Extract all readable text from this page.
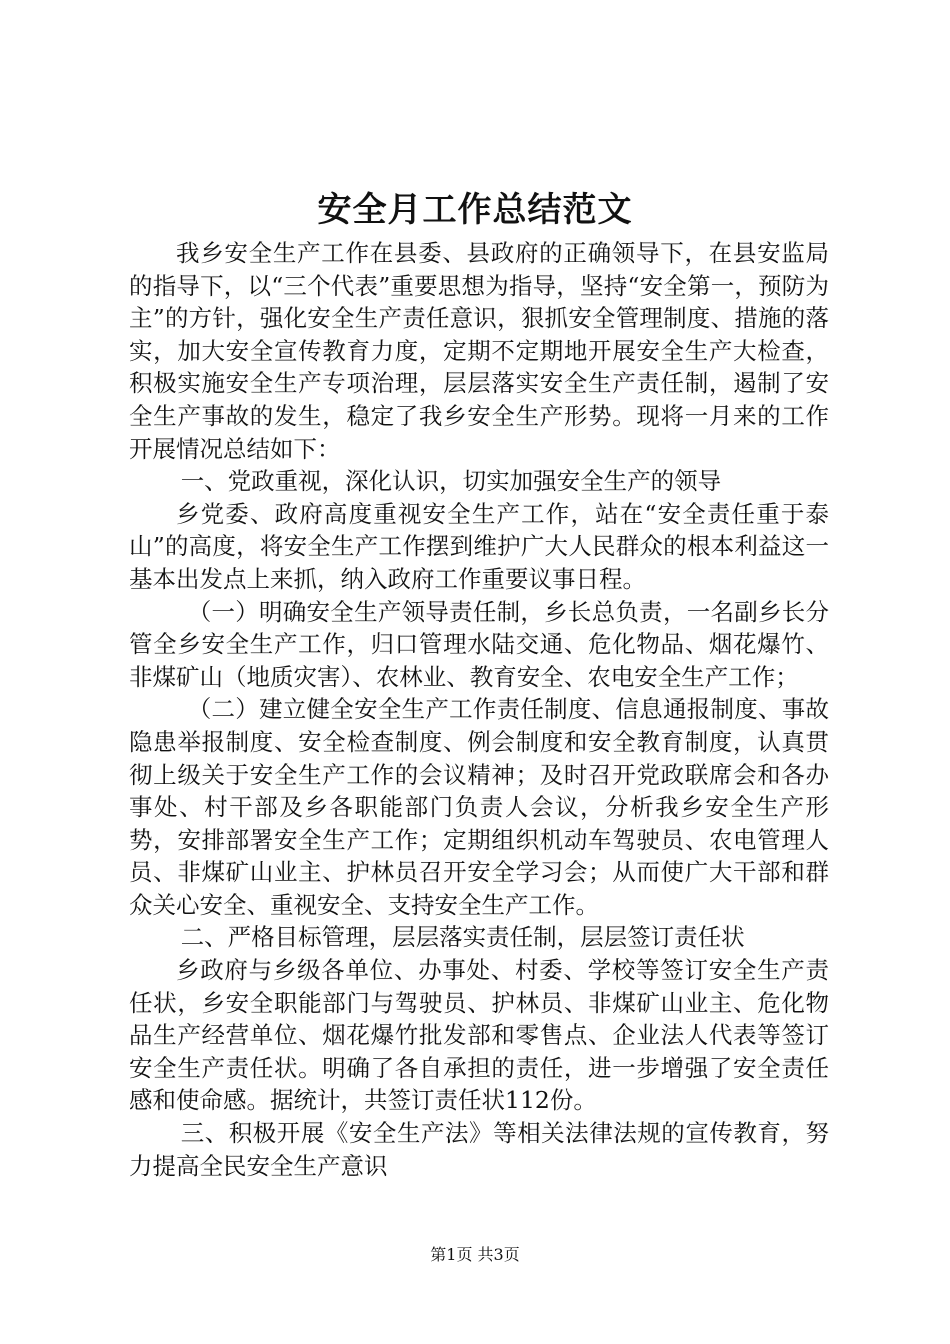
安全月工作总结范文

我乡安全生产工作在县委、县政府的正确领导下，在县安监局的指导下，以“三个代表”重要思想为指导，坚持“安全第一，预防为主”的方针，强化安全生产责任意识，狠抓安全管理制度、措施的落实，加大安全宣传教育力度，定期不定期地开展安全生产大检查，积极实施安全生产专项治理，层层落实安全生产责任制，遏制了安全生产事故的发生，稳定了我乡安全生产形势。现将一月来的工作开展情况总结如下：

一、党政重视，深化认识，切实加强安全生产的领导

乡党委、政府高度重视安全生产工作，站在“安全责任重于泰山”的高度，将安全生产工作摆到维护广大人民群众的根本利益这一基本出发点上来抓，纳入政府工作重要议事日程。

（一）明确安全生产领导责任制，乡长总负责，一名副乡长分管全乡安全生产工作，归口管理水陆交通、危化物品、烟花爆竹、非煤矿山（地质灾害）、农林业、教育安全、农电安全生产工作；

（二）建立健全安全生产工作责任制度、信息通报制度、事故隐患举报制度、安全检查制度、例会制度和安全教育制度，认真贯彻上级关于安全生产工作的会议精神；及时召开党政联席会和各办事处、村干部及乡各职能部门负责人会议，分析我乡安全生产形势，安排部署安全生产工作；定期组织机动车驾驶员、农电管理人员、非煤矿山业主、护林员召开安全学习会；从而使广大干部和群众关心安全、重视安全、支持安全生产工作。

二、严格目标管理，层层落实责任制，层层签订责任状

乡政府与乡级各单位、办事处、村委、学校等签订安全生产责任状，乡安全职能部门与驾驶员、护林员、非煤矿山业主、危化物品生产经营单位、烟花爆竹批发部和零售点、企业法人代表等签订安全生产责任状。明确了各自承担的责任，进一步增强了安全责任感和使命感。据统计，共签订责任状112份。

三、积极开展《安全生产法》等相关法律法规的宣传教育，努力提高全民安全生产意识

第1页 共3页
